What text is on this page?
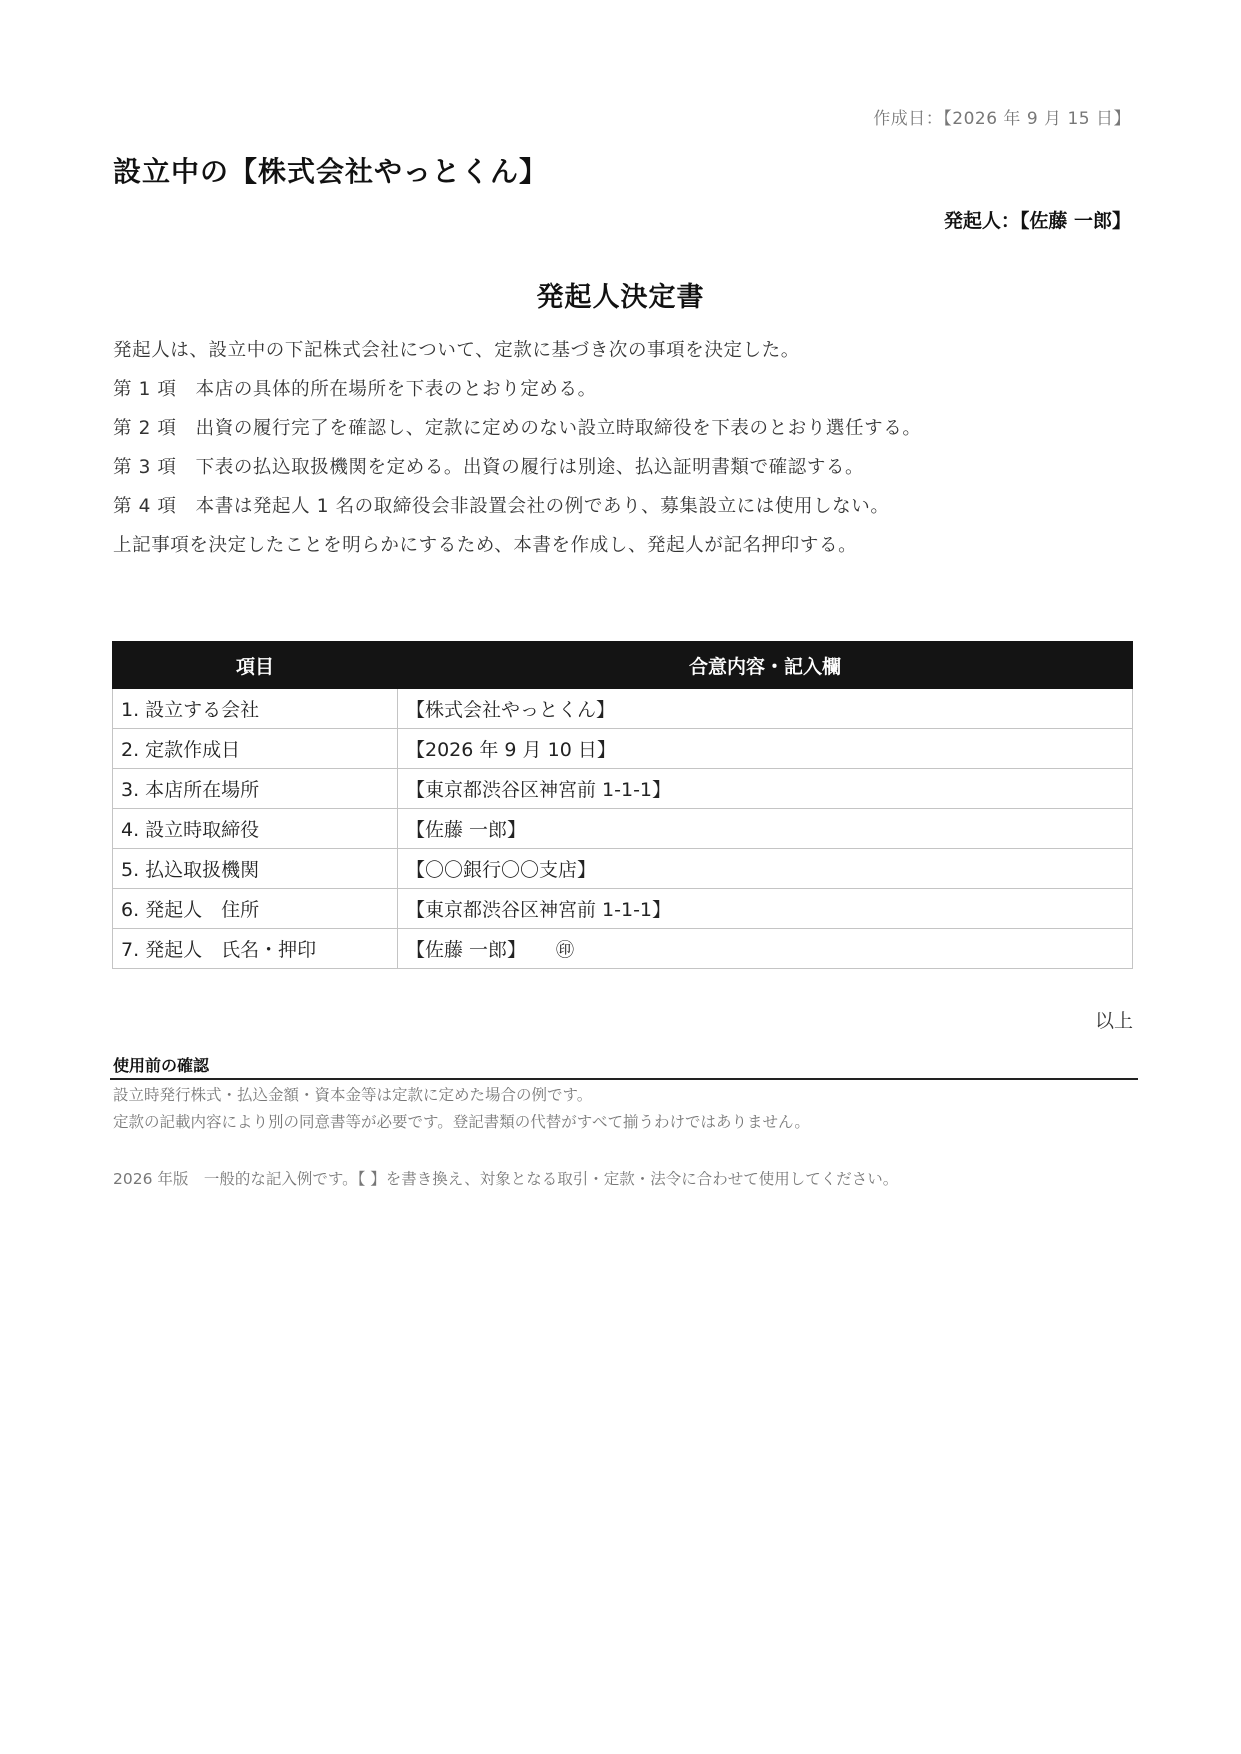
作成日：【2026 年 9 月 15 日】
設立中の【株式会社やっとくん】
発起人：【佐藤 一郎】
発起人決定書
発起人は、設立中の下記株式会社について、定款に基づき次の事項を決定した。
第 1 項　本店の具体的所在場所を下表のとおり定める。
第 2 項　出資の履行完了を確認し、定款に定めのない設立時取締役を下表のとおり選任する。
第 3 項　下表の払込取扱機関を定める。出資の履行は別途、払込証明書類で確認する。
第 4 項　本書は発起人 1 名の取締役会非設置会社の例であり、募集設立には使用しない。
上記事項を決定したことを明らかにするため、本書を作成し、発起人が記名押印する。
項目	合意内容・記入欄
1. 設立する会社	【株式会社やっとくん】
2. 定款作成日	【2026 年 9 月 10 日】
3. 本店所在場所	【東京都渋谷区神宮前 1-1-1】
4. 設立時取締役	【佐藤 一郎】
5. 払込取扱機関	【〇〇銀行〇〇支店】
6. 発起人　住所	【東京都渋谷区神宮前 1-1-1】
7. 発起人　氏名・押印	【佐藤 一郎】 ㊞
以上
使用前の確認
設立時発行株式・払込金額・資本金等は定款に定めた場合の例です。
定款の記載内容により別の同意書等が必要です。登記書類の代替がすべて揃うわけではありません。
2026 年版　一般的な記入例です。【 】を書き換え、対象となる取引・定款・法令に合わせて使用してください。
